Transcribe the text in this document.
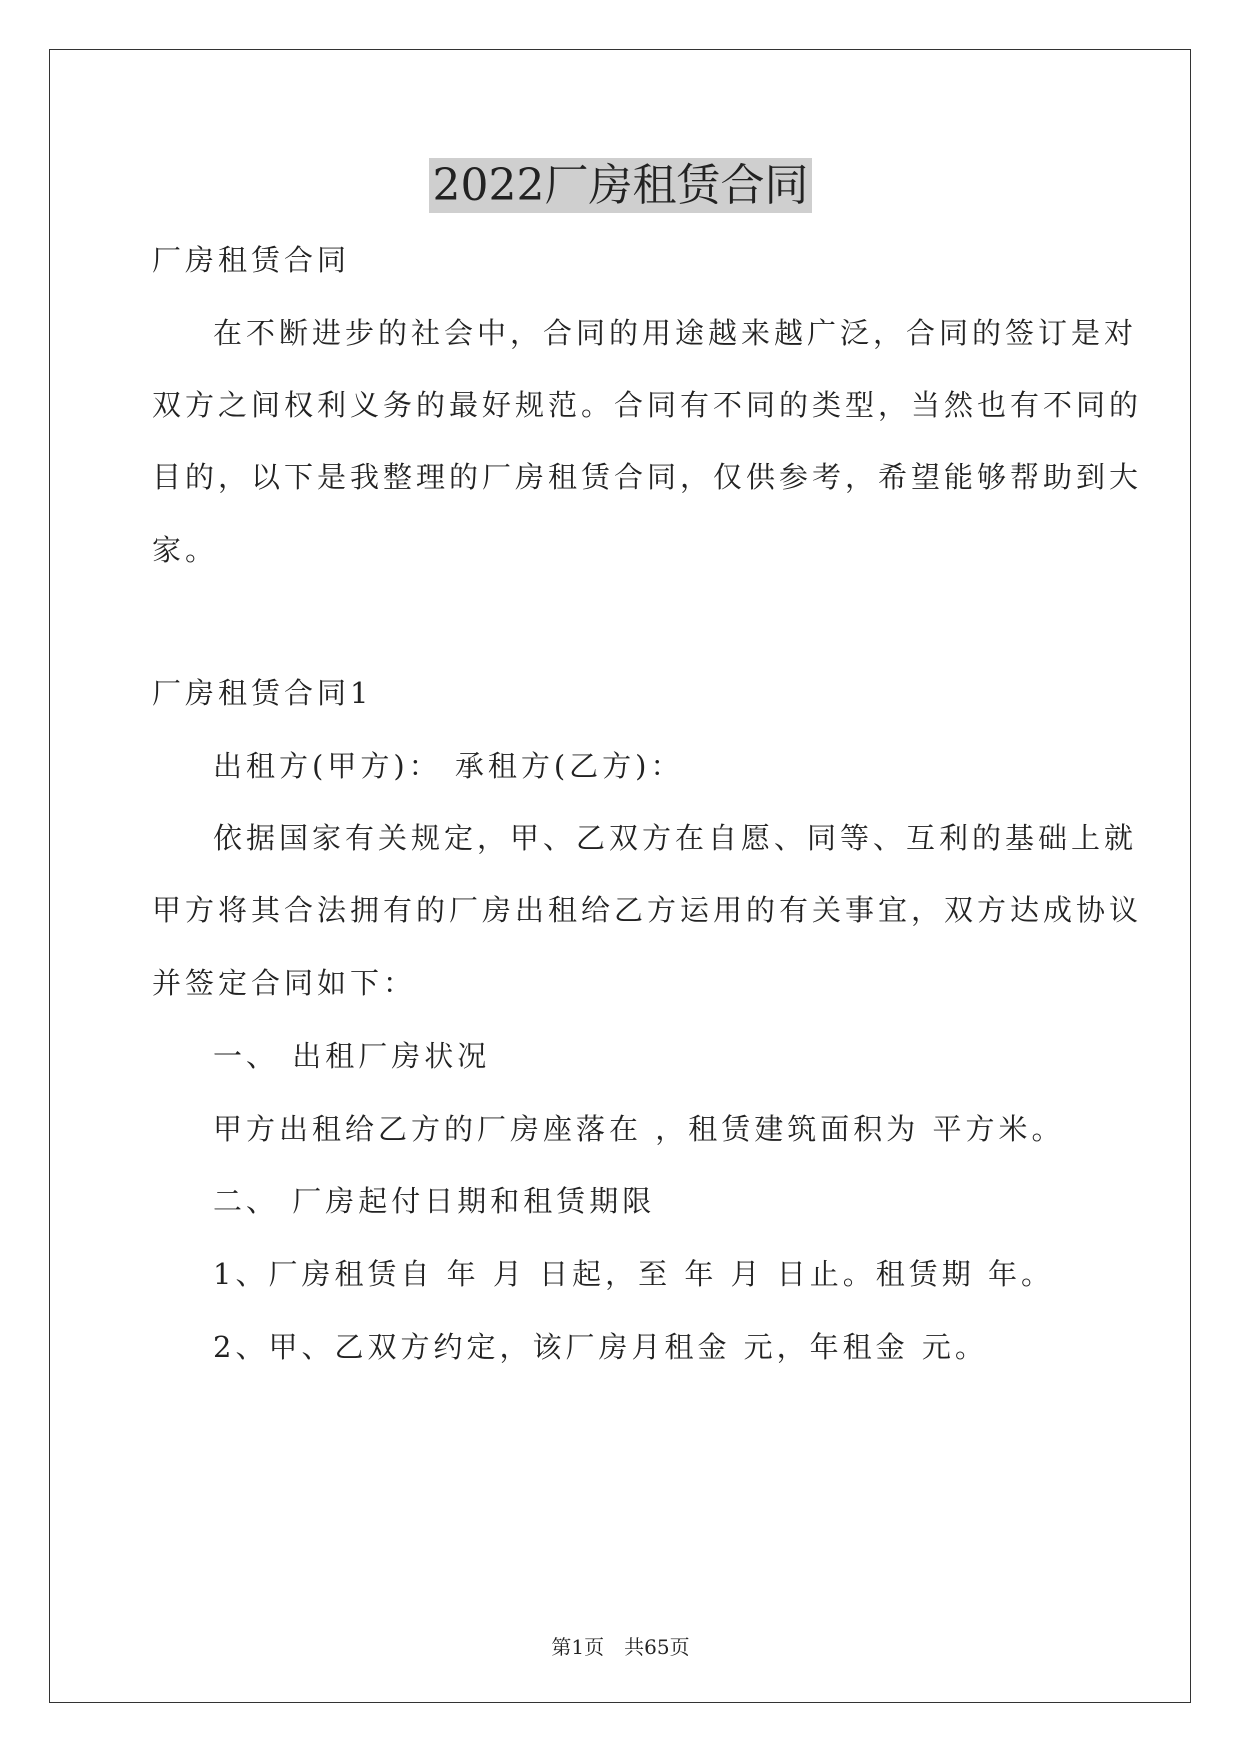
2022厂房租赁合同
厂房租赁合同
在不断进步的社会中，合同的用途越来越广泛，合同的签订是对
双方之间权利义务的最好规范。合同有不同的类型，当然也有不同的
目的，以下是我整理的厂房租赁合同，仅供参考，希望能够帮助到大
家。
厂房租赁合同1
出租方(甲方)： 承租方(乙方)：
依据国家有关规定，甲、乙双方在自愿、同等、互利的基础上就
甲方将其合法拥有的厂房出租给乙方运用的有关事宜，双方达成协议
并签定合同如下：
一、 出租厂房状况
甲方出租给乙方的厂房座落在 ，租赁建筑面积为 平方米。
二、 厂房起付日期和租赁期限
1、厂房租赁自 年 月 日起，至 年 月 日止。租赁期 年。
2、甲、乙双方约定，该厂房月租金 元，年租金 元。
第1页 共65页
